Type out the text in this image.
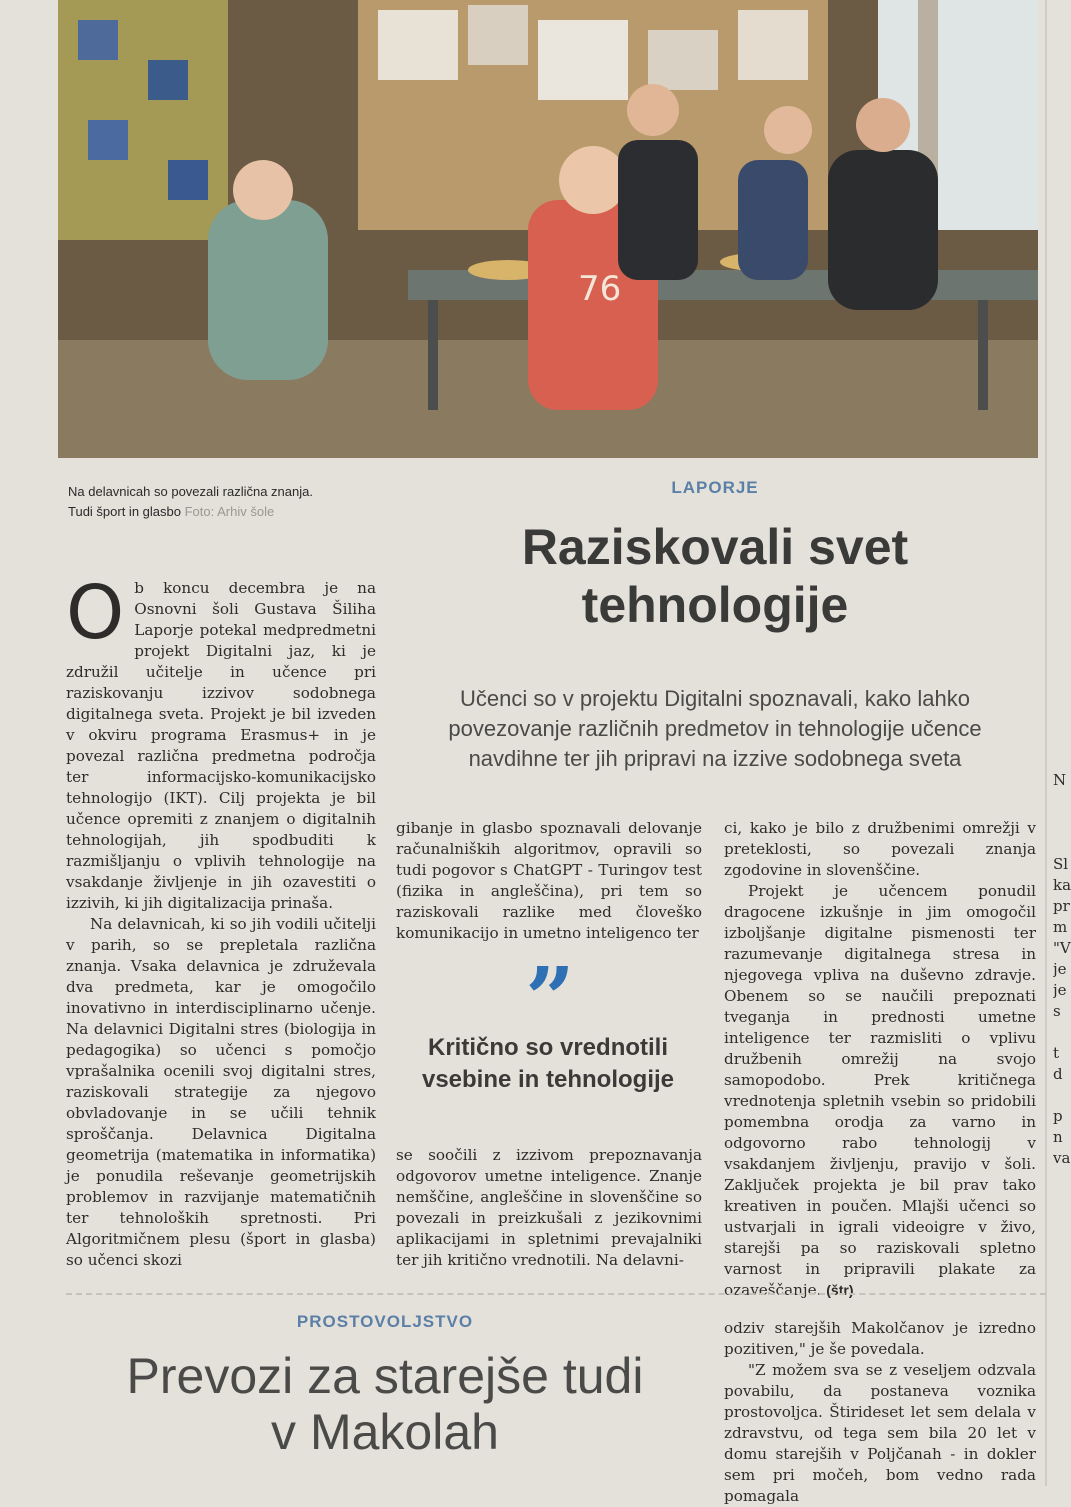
76
Na delavnicah so povezali različna znanja.
Tudi šport in glasbo Foto: Arhiv šole
LAPORJE
Raziskovali svet
tehnologije
Učenci so v projektu Digitalni spoznavali, kako lahko povezovanje različnih predmetov in tehnologije učence navdihne ter jih pripravi na izzive sodobnega sveta

Ob koncu decembra je na Osnovni šoli Gustava Šiliha Laporje potekal medpredmetni projekt Digitalni jaz, ki je združil učitelje in učence pri raziskovanju izzivov sodobnega digitalnega sveta. Projekt je bil izveden v okviru programa Erasmus+ in je povezal različna predmetna področja ter informacijsko-komunikacijsko tehnologijo (IKT). Cilj projekta je bil učence opremiti z znanjem o digitalnih tehnologijah, jih spodbuditi k razmišljanju o vplivih tehnologije na vsakdanje življenje in jih ozavestiti o izzivih, ki jih digitalizacija prinaša.

Na delavnicah, ki so jih vodili učitelji v parih, so se prepletala različna znanja. Vsaka delavnica je združevala dva predmeta, kar je omogočilo inovativno in interdisciplinarno učenje. Na delavnici Digitalni stres (biologija in pedagogika) so učenci s pomočjo vprašalnika ocenili svoj digitalni stres, raziskovali strategije za njegovo obvladovanje in se učili tehnik sproščanja. Delavnica Digitalna geometrija (matematika in informatika) je ponudila reševanje geometrijskih problemov in razvijanje matematičnih ter tehnoloških spretnosti. Pri Algoritmičnem plesu (šport in glasba) so učenci skozi

gibanje in glasbo spoznavali delovanje računalniških algoritmov, opravili so tudi pogovor s ChatGPT - Turingov test (fizika in angleščina), pri tem so raziskovali razlike med človeško komunikacijo in umetno inteligenco ter

”
Kritično so vrednotili vsebine in tehnologije

se soočili z izzivom prepoznavanja odgovorov umetne inteligence. Znanje nemščine, angleščine in slovenščine so povezali in preizkušali z jezikovnimi aplikacijami in spletnimi prevajalniki ter jih kritično vrednotili. Na delavni-

ci, kako je bilo z družbenimi omrežji v preteklosti, so povezali znanja zgodovine in slovenščine.

Projekt je učencem ponudil dragocene izkušnje in jim omogočil izboljšanje digitalne pismenosti ter razumevanje digitalnega stresa in njegovega vpliva na duševno zdravje. Obenem so se naučili prepoznati tveganja in prednosti umetne inteligence ter razmisliti o vplivu družbenih omrežij na svojo samopodobo. Prek kritičnega vrednotenja spletnih vsebin so pridobili pomembna orodja za varno in odgovorno rabo tehnologij v vsakdanjem življenju, pravijo v šoli. Zaključek projekta je bil prav tako kreativen in poučen. Mlajši učenci so ustvarjali in igrali videoigre v živo, starejši pa so raziskovali spletno varnost in pripravili plakate za ozaveščanje. (štr)

N

Sl
ka
pr
m
"V
je
je
s

t
d

p
n
va
PROSTOVOLJSTVO
Prevozi za starejše tudi
v Makolah

odziv starejših Makolčanov je izredno pozitiven," je še povedala.

"Z možem sva se z veseljem odzvala povabilu, da postaneva voznika prostovoljca. Štirideset let sem delala v zdravstvu, od tega sem bila 20 let v domu starejših v Poljčanah - in dokler sem pri močeh, bom vedno rada pomagala
